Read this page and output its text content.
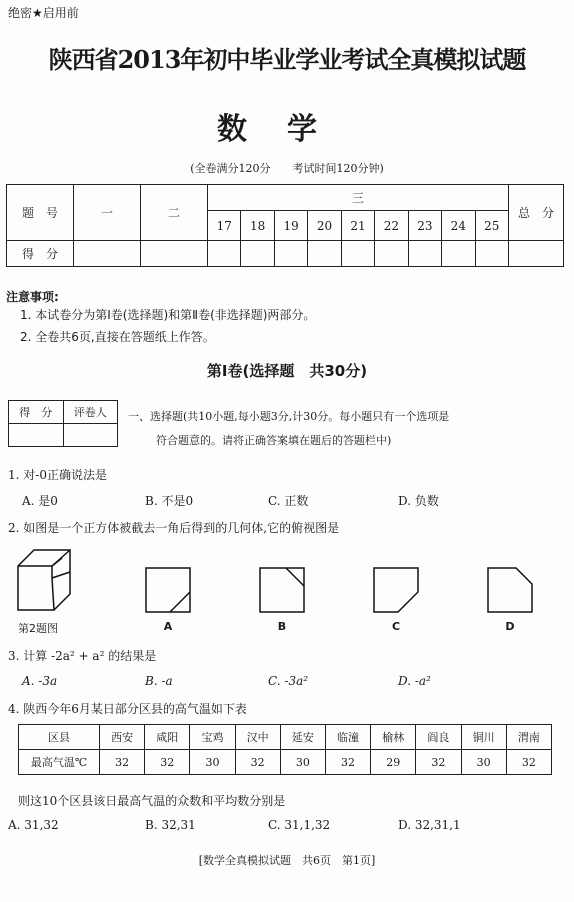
绝密★启用前
陕西省2013年初中毕业学业考试全真模拟试题
数学
(全卷满分120分　　考试时间120分钟)
题　号	一	二	三									总　分
			17	18	19	20	21	22	23	24	25	
得　分												
注意事项:
1. 本试卷分为第Ⅰ卷(选择题)和第Ⅱ卷(非选择题)两部分。
2. 全卷共6页,直接在答题纸上作答。
第Ⅰ卷(选择题　共30分)
得　分	评卷人
	一、选择题(共10小题,每小题3分,计30分。每小题只有一个选项是
符合题意的。请将正确答案填在题后的答题栏中)
1. 对-0正确说法是
A. 是0	B. 不是0	C. 正数	D. 负数
2. 如图是一个正方体被截去一角后得到的几何体,它的俯视图是
第2题图	A	B	C	D
3. 计算 -2a² + a² 的结果是
A. -3a	B. -a	C. -3a²	D. -a²
4. 陕西今年6月某日部分区县的高气温如下表
区县	西安	咸阳	宝鸡	汉中	延安	临潼	榆林	阎良	铜川	渭南
最高气温℃	32	32	30	32	30	32	29	32	30	32
则这10个区县该日最高气温的众数和平均数分别是
A. 31,32	B. 32,31	C. 31,1,32	D. 32,31,1
[数学全真模拟试题　共6页　第1页]
